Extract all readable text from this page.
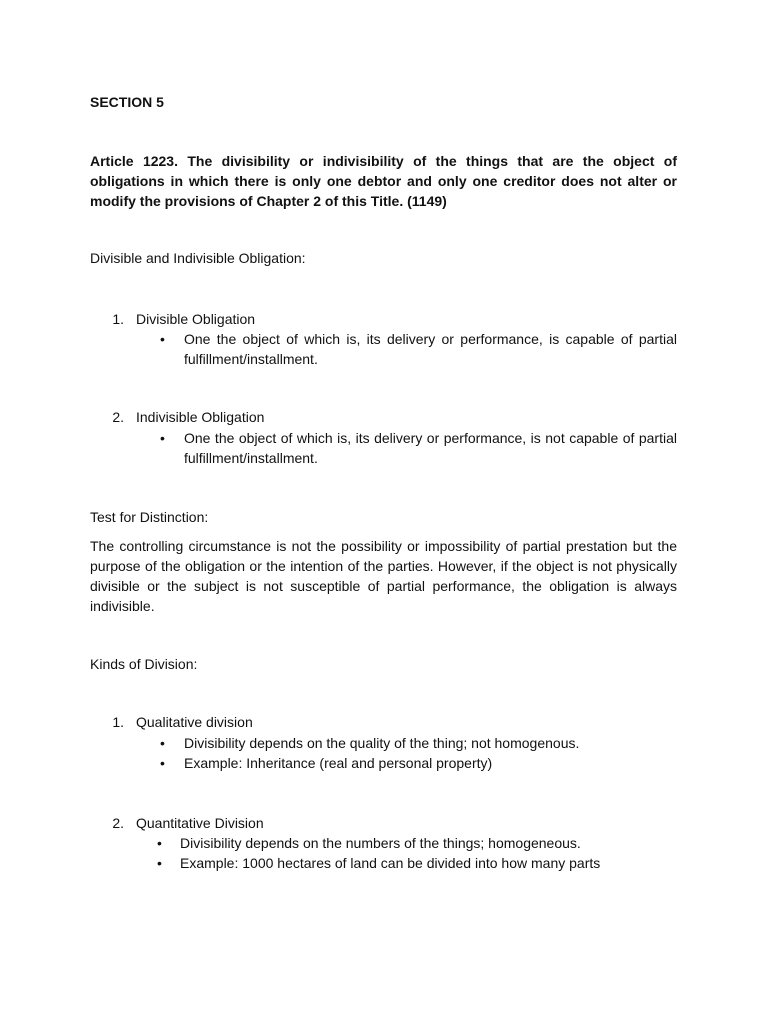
SECTION 5
Article 1223. The divisibility or indivisibility of the things that are the object of obligations in which there is only one debtor and only one creditor does not alter or modify the provisions of Chapter 2 of this Title. (1149)
Divisible and Indivisible Obligation:
1. Divisible Obligation
• One the object of which is, its delivery or performance, is capable of partial fulfillment/installment.
2. Indivisible Obligation
• One the object of which is, its delivery or performance, is not capable of partial fulfillment/installment.
Test for Distinction:
The controlling circumstance is not the possibility or impossibility of partial prestation but the purpose of the obligation or the intention of the parties. However, if the object is not physically divisible or the subject is not susceptible of partial performance, the obligation is always indivisible.
Kinds of Division:
1. Qualitative division
• Divisibility depends on the quality of the thing; not homogenous.
• Example: Inheritance (real and personal property)
2. Quantitative Division
• Divisibility depends on the numbers of the things; homogeneous.
• Example: 1000 hectares of land can be divided into how many parts
